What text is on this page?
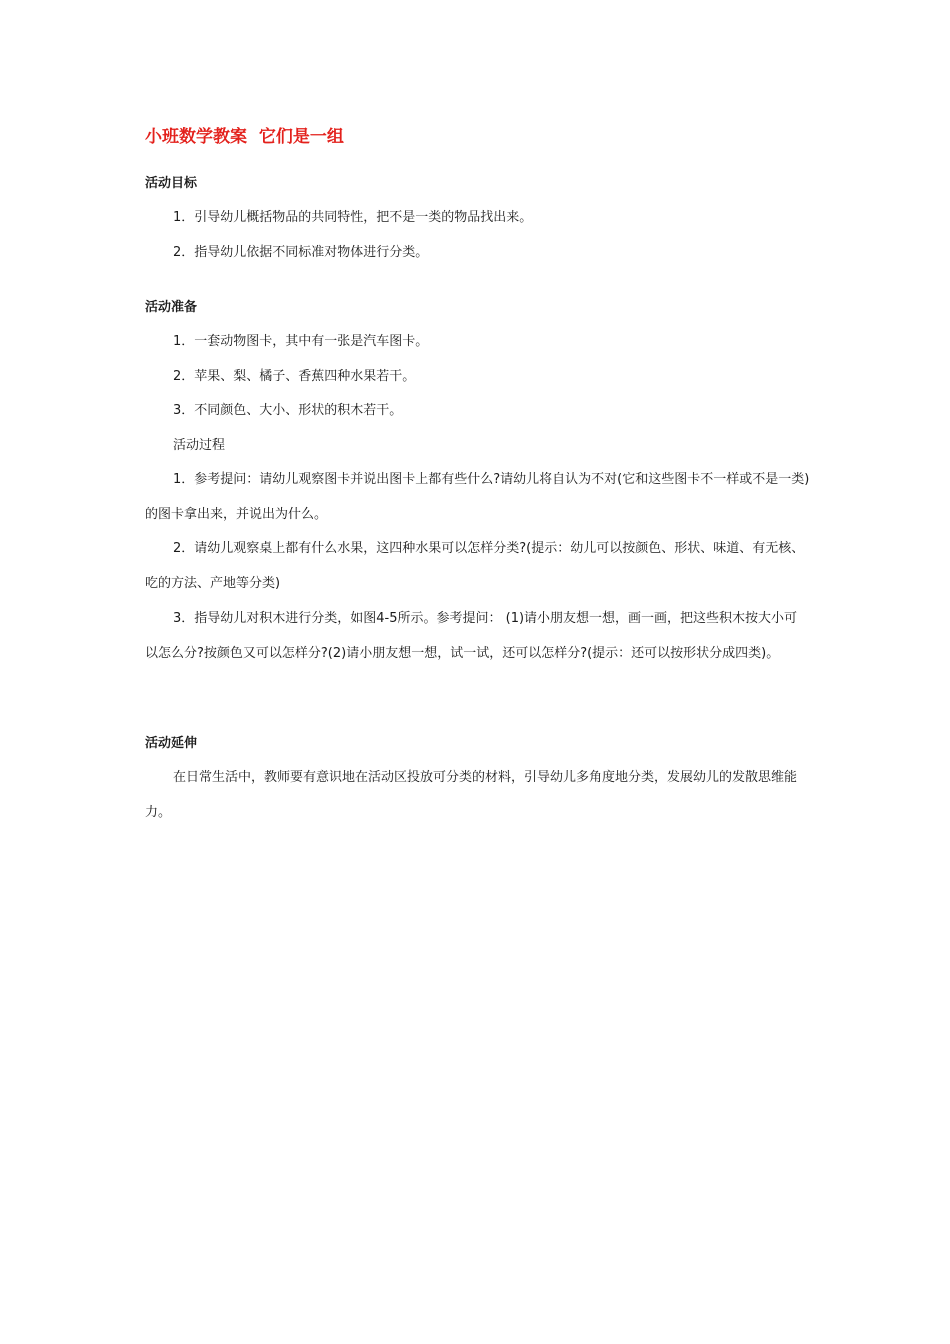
小班数学教案  它们是一组
活动目标

1．引导幼儿概括物品的共同特性，把不是一类的物品找出来。

2．指导幼儿依据不同标准对物体进行分类。

活动准备

1．一套动物图卡，其中有一张是汽车图卡。

2．苹果、梨、橘子、香蕉四种水果若干。

3．不同颜色、大小、形状的积木若干。

活动过程

1．参考提问：请幼儿观察图卡并说出图卡上都有些什么?请幼儿将自认为不对(它和这些图卡不一样或不是一类)的图卡拿出来，并说出为什么。

2．请幼儿观察桌上都有什么水果，这四种水果可以怎样分类?(提示：幼儿可以按颜色、形状、味道、有无核、吃的方法、产地等分类)

3．指导幼儿对积木进行分类，如图4-5所示。参考提问： (1)请小朋友想一想，画一画，把这些积木按大小可以怎么分?按颜色又可以怎样分?(2)请小朋友想一想，试一试，还可以怎样分?(提示：还可以按形状分成四类)。

活动延伸

在日常生活中，教师要有意识地在活动区投放可分类的材料，引导幼儿多角度地分类，发展幼儿的发散思维能力。
